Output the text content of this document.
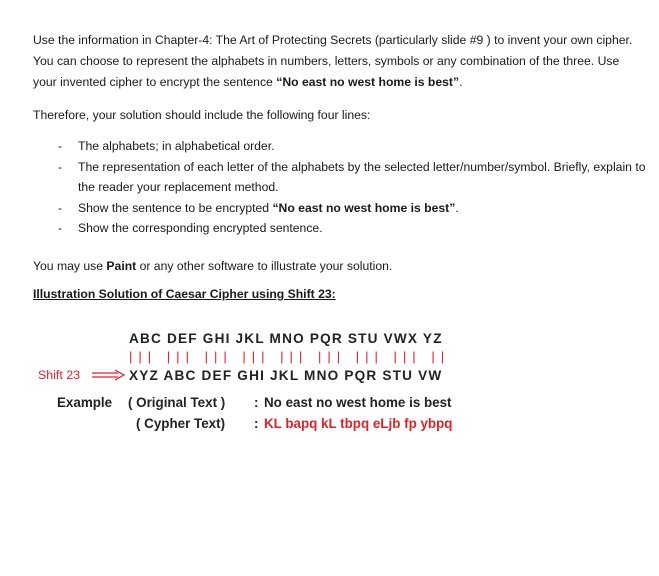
Use the information in Chapter-4: The Art of Protecting Secrets (particularly slide #9 ) to invent your own cipher. You can choose to represent the alphabets in numbers, letters, symbols or any combination of the three. Use your invented cipher to encrypt the sentence “No east no west home is best”.

Therefore, your solution should include the following four lines:

- The alphabets; in alphabetical order.
- The representation of each letter of the alphabets by the selected letter/number/symbol. Briefly, explain to the reader your replacement method.
- Show the sentence to be encrypted “No east no west home is best”.
- Show the corresponding encrypted sentence.

You may use Paint or any other software to illustrate your solution.

Illustration Solution of Caesar Cipher using Shift 23:

ABC DEF GHI JKL MNO PQR STU VWX YZ
| | |   | | |   | | |   | | |   | | |   | | |   | | |   | | |   | |
Shift 23	XYZ ABC DEF GHI JKL MNO PQR STU VW
Example ( Original Text ) : No east no west home is best
( Cypher Text) : KL bapq kL tbpq eLjb fp ybpq
